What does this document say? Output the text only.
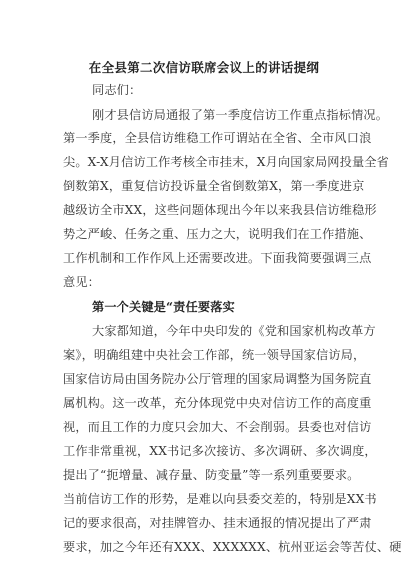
在全县第二次信访联席会议上的讲话提纲
同志们：
刚才县信访局通报了第一季度信访工作重点指标情况。
第一季度，全县信访维稳工作可谓站在全省、全市风口浪
尖。X-X月信访工作考核全市挂末，X月向国家局网投量全省
倒数第X，重复信访投诉量全省倒数第X，第一季度进京
越级访全市XX，这些问题体现出今年以来我县信访维稳形
势之严峻、任务之重、压力之大，说明我们在工作措施、
工作机制和工作作风上还需要改进。下面我简要强调三点
意见：
第一个关键是“责任要落实
大家都知道，今年中央印发的《党和国家机构改革方
案》，明确组建中央社会工作部，统一领导国家信访局，
国家信访局由国务院办公厅管理的国家局调整为国务院直
属机构。这一改革，充分体现党中央对信访工作的高度重
视，而且工作的力度只会加大、不会削弱。县委也对信访
工作非常重视，XX书记多次接访、多次调研、多次调度，
提出了“扼增量、减存量、防变量”等一系列重要要求。
当前信访工作的形势，是难以向县委交差的，特别是XX书
记的要求很高，对挂牌管办、挂末通报的情况提出了严肃
要求，加之今年还有XXX、XXXXXX、杭州亚运会等苦仗、硬
